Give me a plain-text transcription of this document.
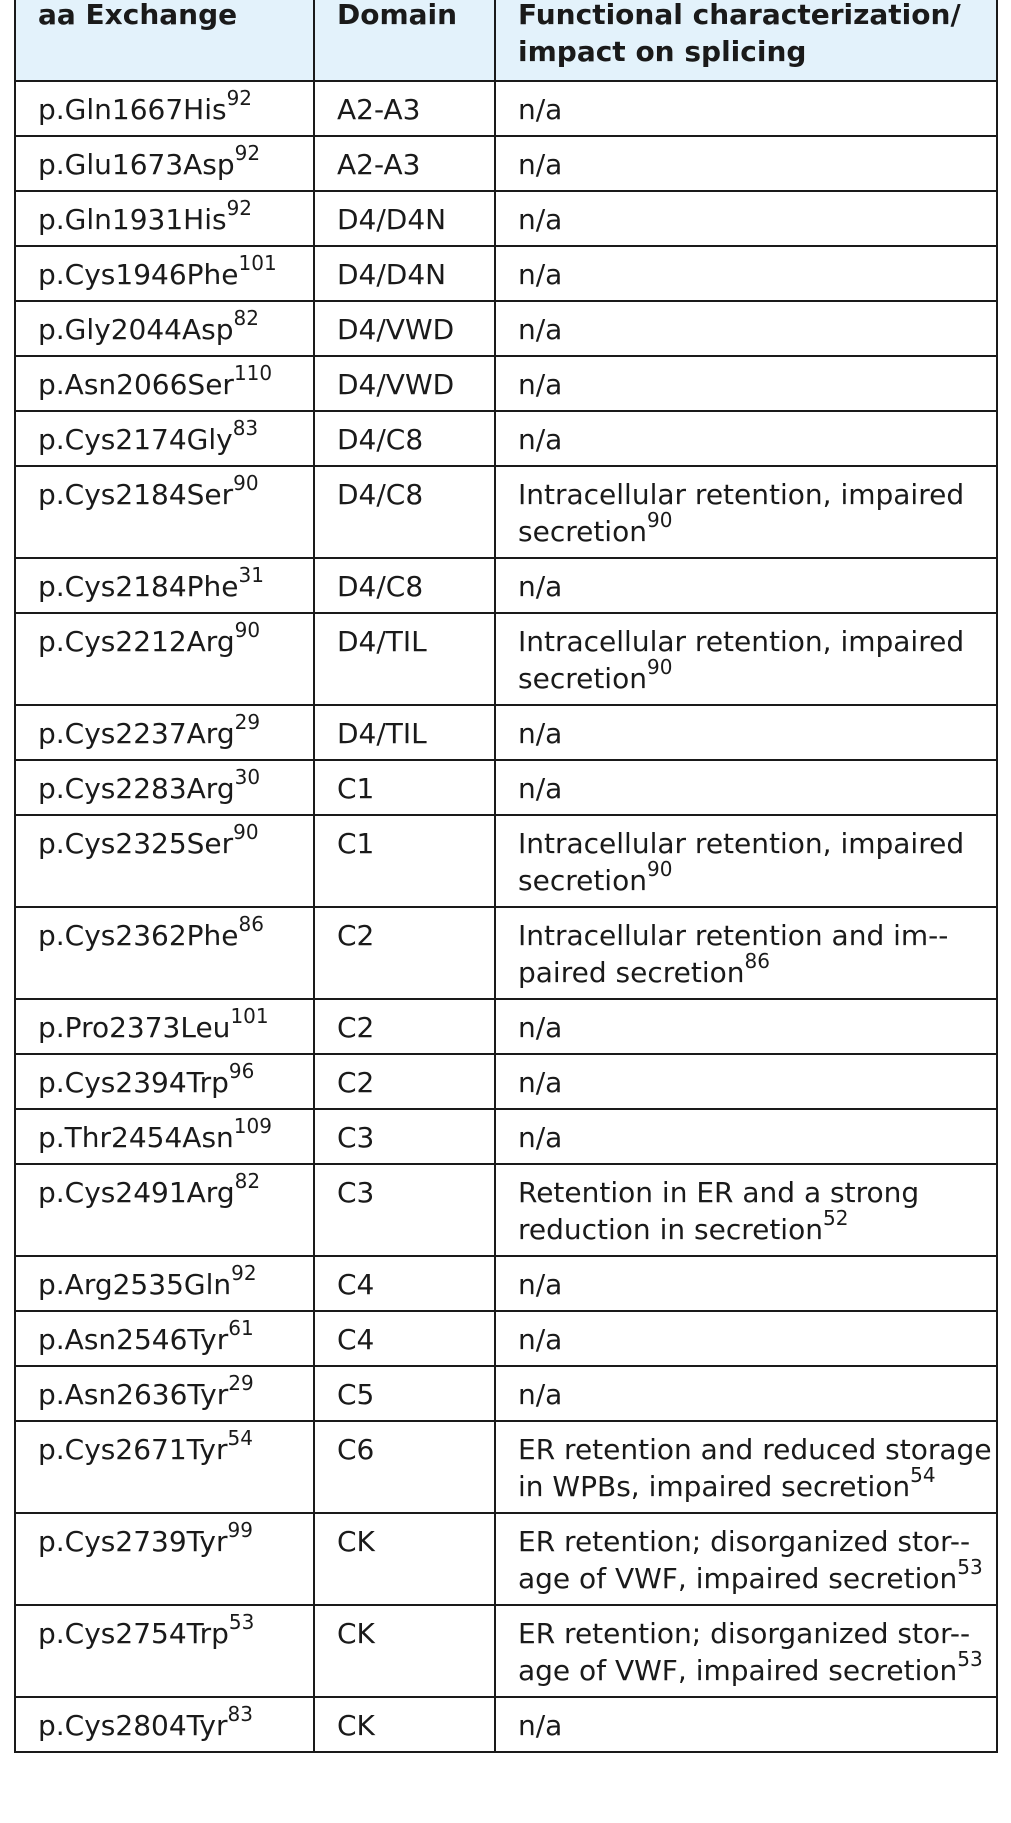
aa Exchange	Domain	Functional characterization/
impact on splicing

p.Gln1667His$^{92}$	A2-A3	n/a
p.Glu1673Asp$^{92}$	A2-A3	n/a
p.Gln1931His$^{92}$	D4/D4N	n/a
p.Cys1946Phe$^{101}$	D4/D4N	n/a
p.Gly2044Asp$^{82}$	D4/VWD	n/a
p.Asn2066Ser$^{110}$	D4/VWD	n/a
p.Cys2174Gly$^{83}$	D4/C8	n/a
p.Cys2184Ser$^{90}$	D4/C8	Intracellular retention, impaired secretion$^{90}$
p.Cys2184Phe$^{31}$	D4/C8	n/a
p.Cys2212Arg$^{90}$	D4/TIL	Intracellular retention, impaired secretion$^{90}$
p.Cys2237Arg$^{29}$	D4/TIL	n/a
p.Cys2283Arg$^{30}$	C1	n/a
p.Cys2325Ser$^{90}$	C1	Intracellular retention, impaired secretion$^{90}$
p.Cys2362Phe$^{86}$	C2	Intracellular retention and im-paired secretion$^{86}$
p.Pro2373Leu$^{101}$	C2	n/a
p.Cys2394Trp$^{96}$	C2	n/a
p.Thr2454Asn$^{109}$	C3	n/a
p.Cys2491Arg$^{82}$	C3	Retention in ER and a strong reduction in secretion$^{52}$
p.Arg2535Gln$^{92}$	C4	n/a
p.Asn2546Tyr$^{61}$	C4	n/a
p.Asn2636Tyr$^{29}$	C5	n/a
p.Cys2671Tyr$^{54}$	C6	ER retention and reduced storage in WPBs, impaired secretion$^{54}$
p.Cys2739Tyr$^{99}$	CK	ER retention; disorganized stor-age of VWF, impaired secretion$^{53}$
p.Cys2754Trp$^{53}$	CK	ER retention; disorganized stor-age of VWF, impaired secretion$^{53}$
p.Cys2804Tyr$^{83}$	CK	n/a
